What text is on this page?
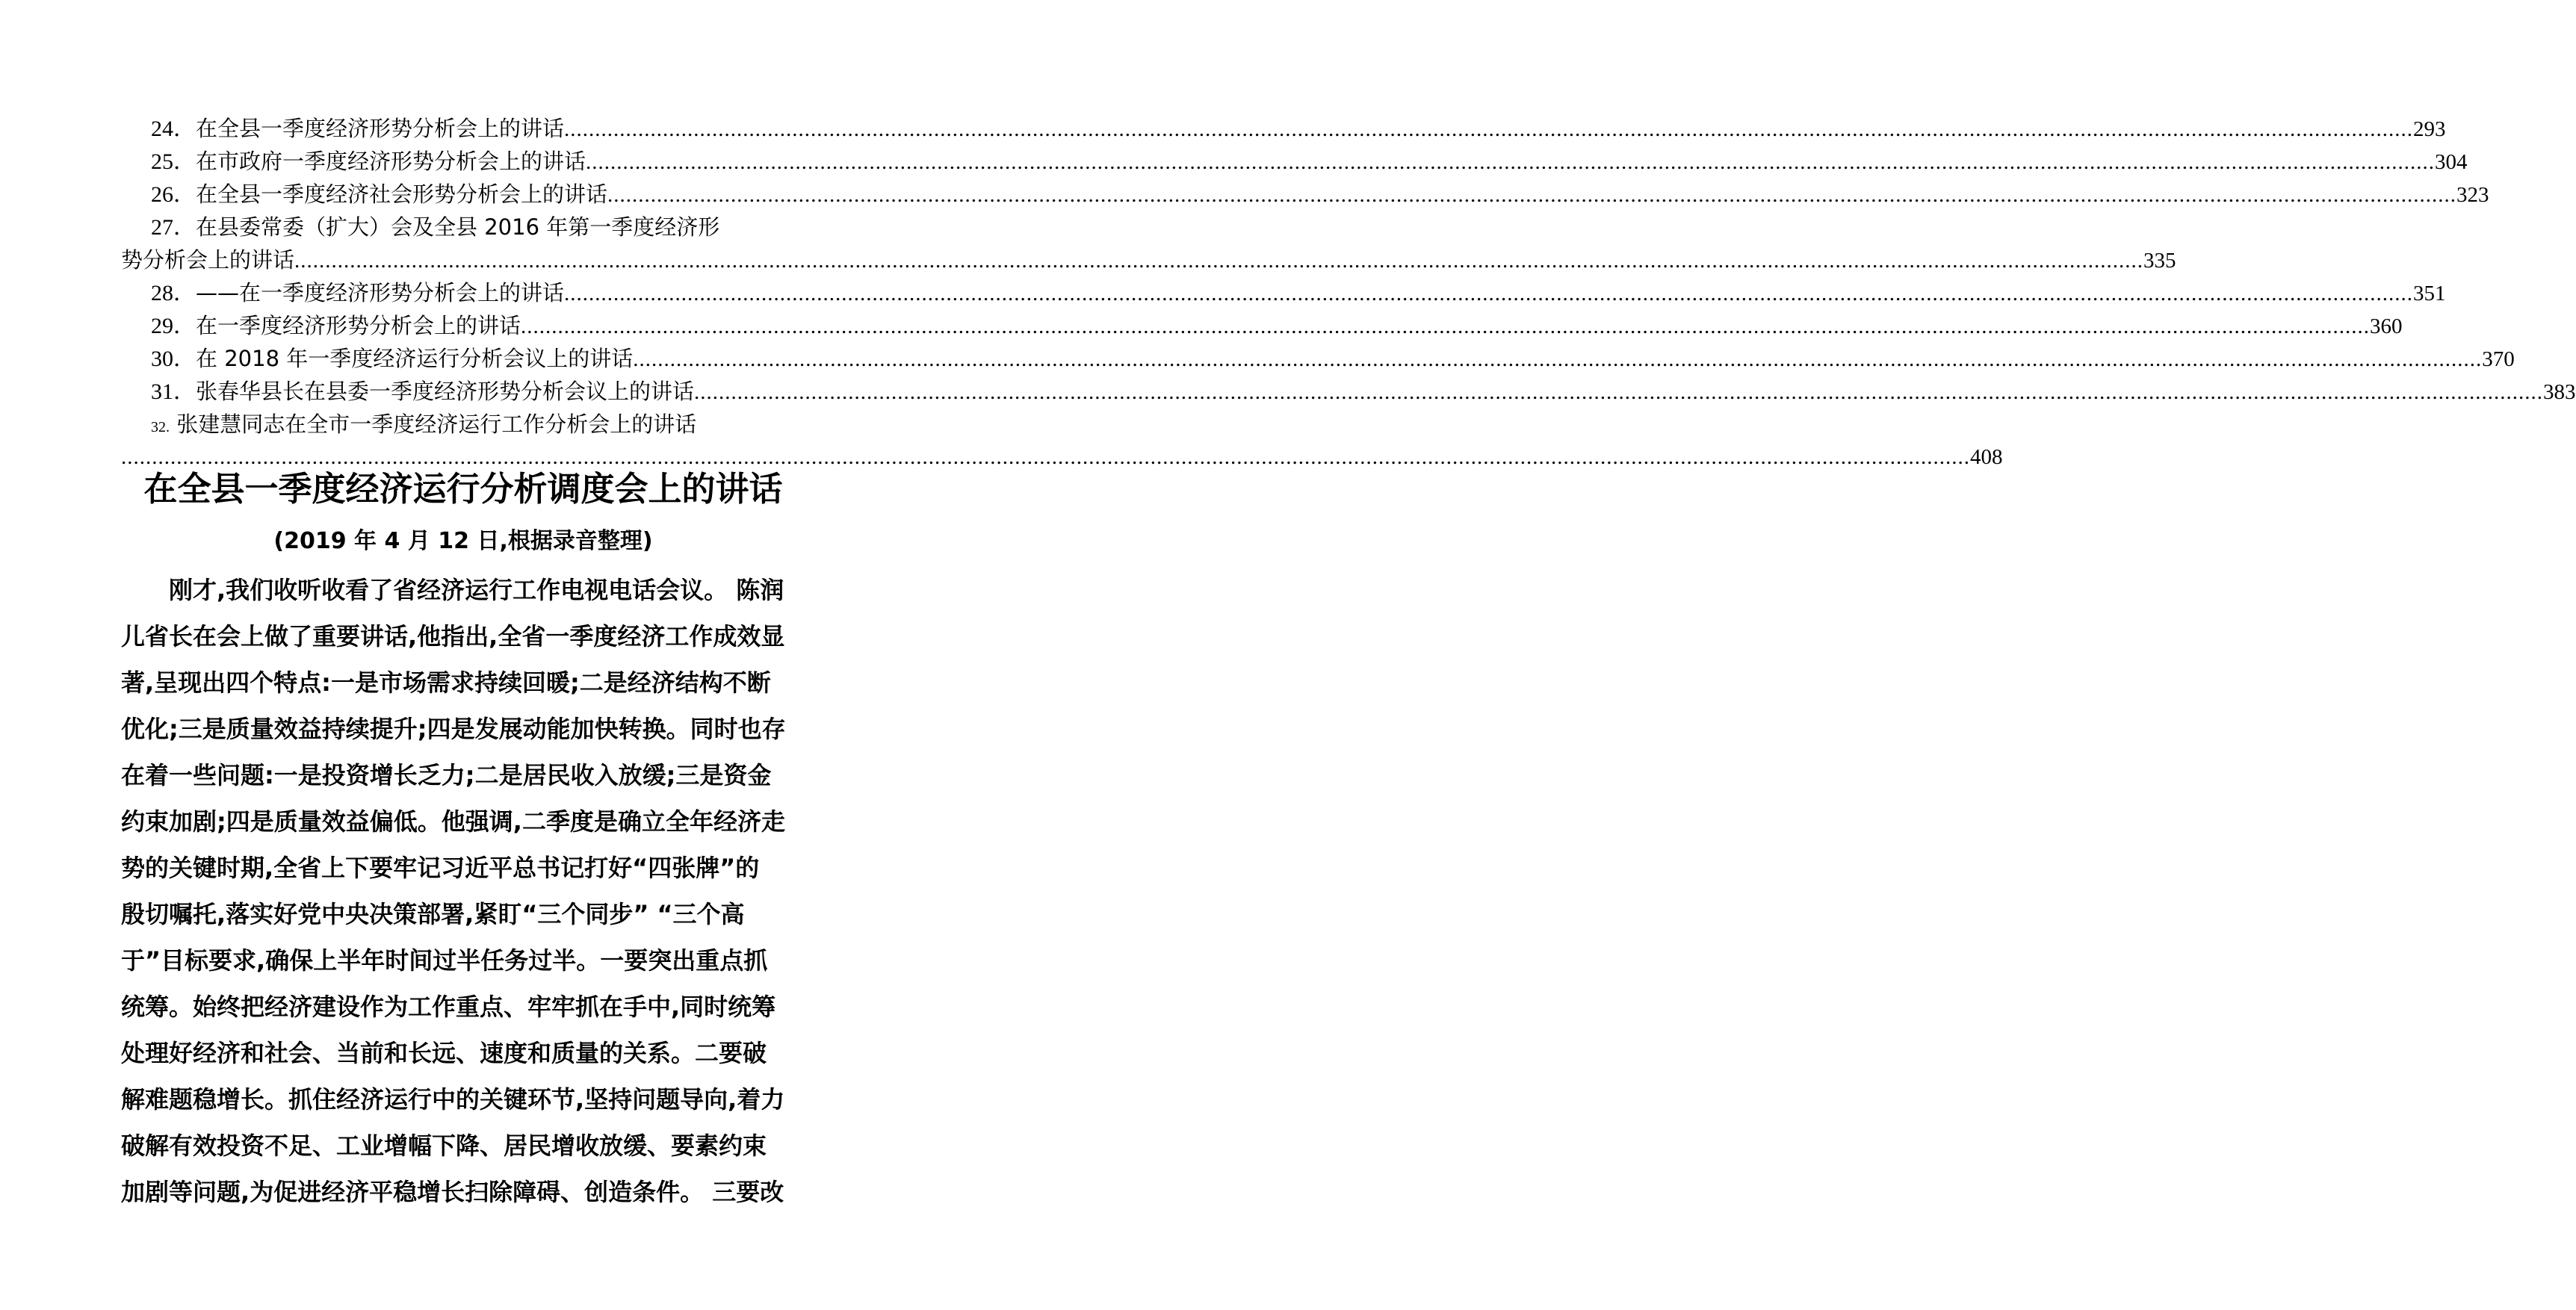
24．在全县一季度经济形势分析会上的讲话 ............................................................................................................................................................................................................................................................................................................ 293
25．在市政府一季度经济形势分析会上的讲话 ............................................................................................................................................................................................................................................................................................................ 304
26．在全县一季度经济社会形势分析会上的讲话 ............................................................................................................................................................................................................................................................................................................ 323
27．在县委常委（扩大）会及全县 2016 年第一季度经济形
势分析会上的讲话 ............................................................................................................................................................................................................................................................................................................ 335
28．——在一季度经济形势分析会上的讲话 ............................................................................................................................................................................................................................................................................................................ 351
29．在一季度经济形势分析会上的讲话 ............................................................................................................................................................................................................................................................................................................ 360
30．在 2018 年一季度经济运行分析会议上的讲话 ............................................................................................................................................................................................................................................................................................................ 370
31．张春华县长在县委一季度经济形势分析会议上的讲话 ............................................................................................................................................................................................................................................................................................................ 383
32. 张建慧同志在全市一季度经济运行工作分析会上的讲话
............................................................................................................................................................................................................................................................................................................ 408
在全县一季度经济运行分析调度会上的讲话
(2019 年 4 月 12 日,根据录音整理)
刚才,我们收听收看了省经济运行工作电视电话会议。 陈润
儿省长在会上做了重要讲话,他指出,全省一季度经济工作成效显
著,呈现出四个特点:一是市场需求持续回暖;二是经济结构不断
优化;三是质量效益持续提升;四是发展动能加快转换。同时也存
在着一些问题:一是投资增长乏力;二是居民收入放缓;三是资金
约束加剧;四是质量效益偏低。他强调,二季度是确立全年经济走
势的关键时期,全省上下要牢记习近平总书记打好“四张牌”的
殷切嘱托,落实好党中央决策部署,紧盯“三个同步” “三个高
于”目标要求,确保上半年时间过半任务过半。一要突出重点抓
统筹。始终把经济建设作为工作重点、牢牢抓在手中,同时统筹
处理好经济和社会、当前和长远、速度和质量的关系。二要破
解难题稳增长。抓住经济运行中的关键环节,坚持问题导向,着力
破解有效投资不足、工业增幅下降、居民增收放缓、要素约束
加剧等问题,为促进经济平稳增长扫除障碍、创造条件。 三要改
